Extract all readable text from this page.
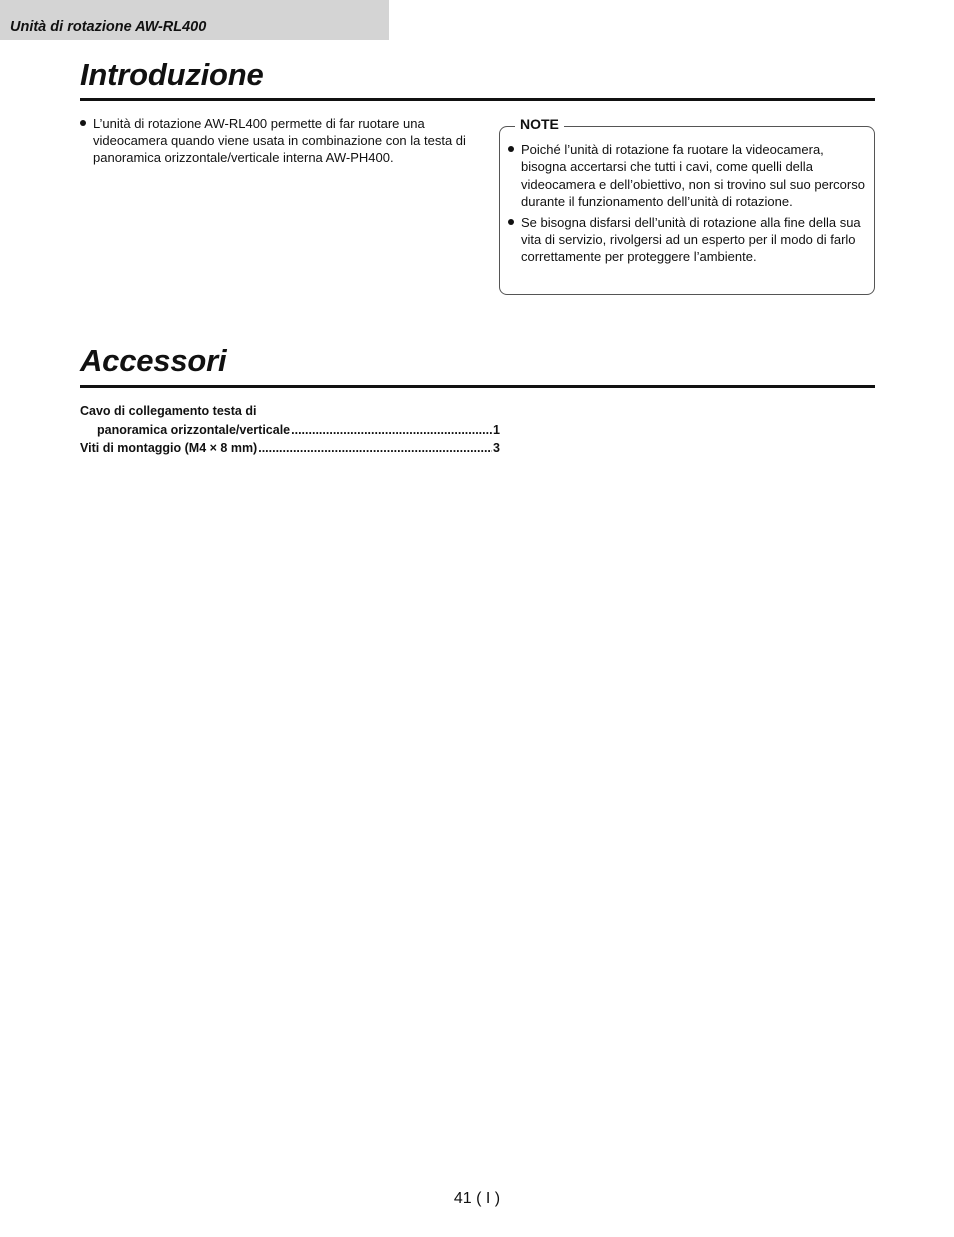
Unità di rotazione AW-RL400
Introduzione
L’unità di rotazione AW-RL400 permette di far ruotare una videocamera quando viene usata in combinazione con la testa di panoramica orizzontale/verticale interna AW-PH400.
NOTE
Poiché l’unità di rotazione fa ruotare la videocamera, bisogna accertarsi che tutti i cavi, come quelli della videocamera e dell’obiettivo, non si trovino sul suo percorso durante il funzionamento dell’unità di rotazione.
Se bisogna disfarsi dell’unità di rotazione alla fine della sua vita di servizio, rivolgersi ad un esperto per il modo di farlo correttamente per proteggere l’ambiente.
Accessori
Cavo di collegamento testa di
panoramica orizzontale/verticale .....	1
Viti di montaggio (M4 × 8 mm) .....	3
41 ( I )
